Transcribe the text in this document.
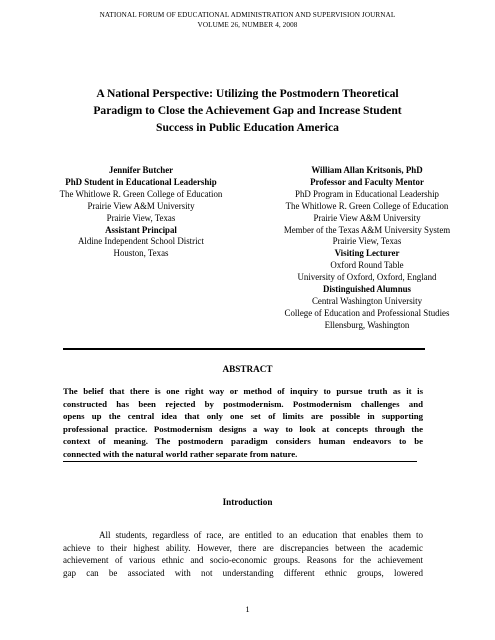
NATIONAL FORUM OF EDUCATIONAL ADMINISTRATION AND SUPERVISION JOURNAL
VOLUME 26, NUMBER 4, 2008
A National Perspective: Utilizing the Postmodern Theoretical
Paradigm to Close the Achievement Gap and Increase Student
Success in Public Education America
Jennifer Butcher
PhD Student in Educational Leadership
The Whitlowe R. Green College of Education
Prairie View A&M University
Prairie View, Texas
Assistant Principal
Aldine Independent School District
Houston, Texas
William Allan Kritsonis, PhD
Professor and Faculty Mentor
PhD Program in Educational Leadership
The Whitlowe R. Green College of Education
Prairie View A&M University
Member of the Texas A&M University System
Prairie View, Texas
Visiting Lecturer
Oxford Round Table
University of Oxford, Oxford, England
Distinguished Alumnus
Central Washington University
College of Education and Professional Studies
Ellensburg, Washington
ABSTRACT
The belief that there is one right way or method of inquiry to pursue truth as it is
constructed has been rejected by postmodernism. Postmodernism challenges and
opens up the central idea that only one set of limits are possible in supporting
professional practice. Postmodernism designs a way to look at concepts through the
context of meaning. The postmodern paradigm considers human endeavors to be
connected with the natural world rather separate from nature.
Introduction
All students, regardless of race, are entitled to an education that enables them to
achieve to their highest ability. However, there are discrepancies between the academic
achievement of various ethnic and socio-economic groups. Reasons for the achievement
gap can be associated with not understanding different ethnic groups, lowered
1
